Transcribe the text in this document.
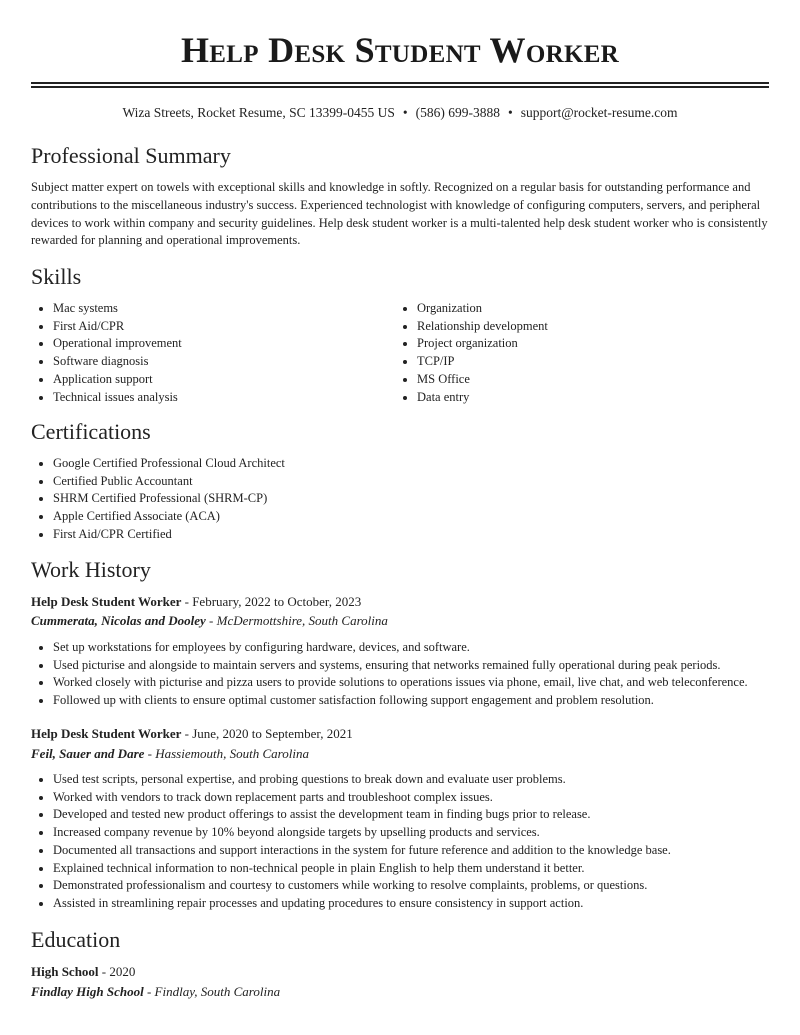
Help Desk Student Worker
Wiza Streets, Rocket Resume, SC 13399-0455 US • (586) 699-3888 • support@rocket-resume.com
Professional Summary
Subject matter expert on towels with exceptional skills and knowledge in softly. Recognized on a regular basis for outstanding performance and contributions to the miscellaneous industry's success. Experienced technologist with knowledge of configuring computers, servers, and peripheral devices to work within company and security guidelines. Help desk student worker is a multi-talented help desk student worker who is consistently rewarded for planning and operational improvements.
Skills
• Mac systems
• First Aid/CPR
• Operational improvement
• Software diagnosis
• Application support
• Technical issues analysis
• Organization
• Relationship development
• Project organization
• TCP/IP
• MS Office
• Data entry
Certifications
• Google Certified Professional Cloud Architect
• Certified Public Accountant
• SHRM Certified Professional (SHRM-CP)
• Apple Certified Associate (ACA)
• First Aid/CPR Certified
Work History
Help Desk Student Worker - February, 2022 to October, 2023
Cummerata, Nicolas and Dooley - McDermottshire, South Carolina
• Set up workstations for employees by configuring hardware, devices, and software.
• Used picturise and alongside to maintain servers and systems, ensuring that networks remained fully operational during peak periods.
• Worked closely with picturise and pizza users to provide solutions to operations issues via phone, email, live chat, and web teleconference.
• Followed up with clients to ensure optimal customer satisfaction following support engagement and problem resolution.
Help Desk Student Worker - June, 2020 to September, 2021
Feil, Sauer and Dare - Hassiemouth, South Carolina
• Used test scripts, personal expertise, and probing questions to break down and evaluate user problems.
• Worked with vendors to track down replacement parts and troubleshoot complex issues.
• Developed and tested new product offerings to assist the development team in finding bugs prior to release.
• Increased company revenue by 10% beyond alongside targets by upselling products and services.
• Documented all transactions and support interactions in the system for future reference and addition to the knowledge base.
• Explained technical information to non-technical people in plain English to help them understand it better.
• Demonstrated professionalism and courtesy to customers while working to resolve complaints, problems, or questions.
• Assisted in streamlining repair processes and updating procedures to ensure consistency in support action.
Education
High School - 2020
Findlay High School - Findlay, South Carolina
